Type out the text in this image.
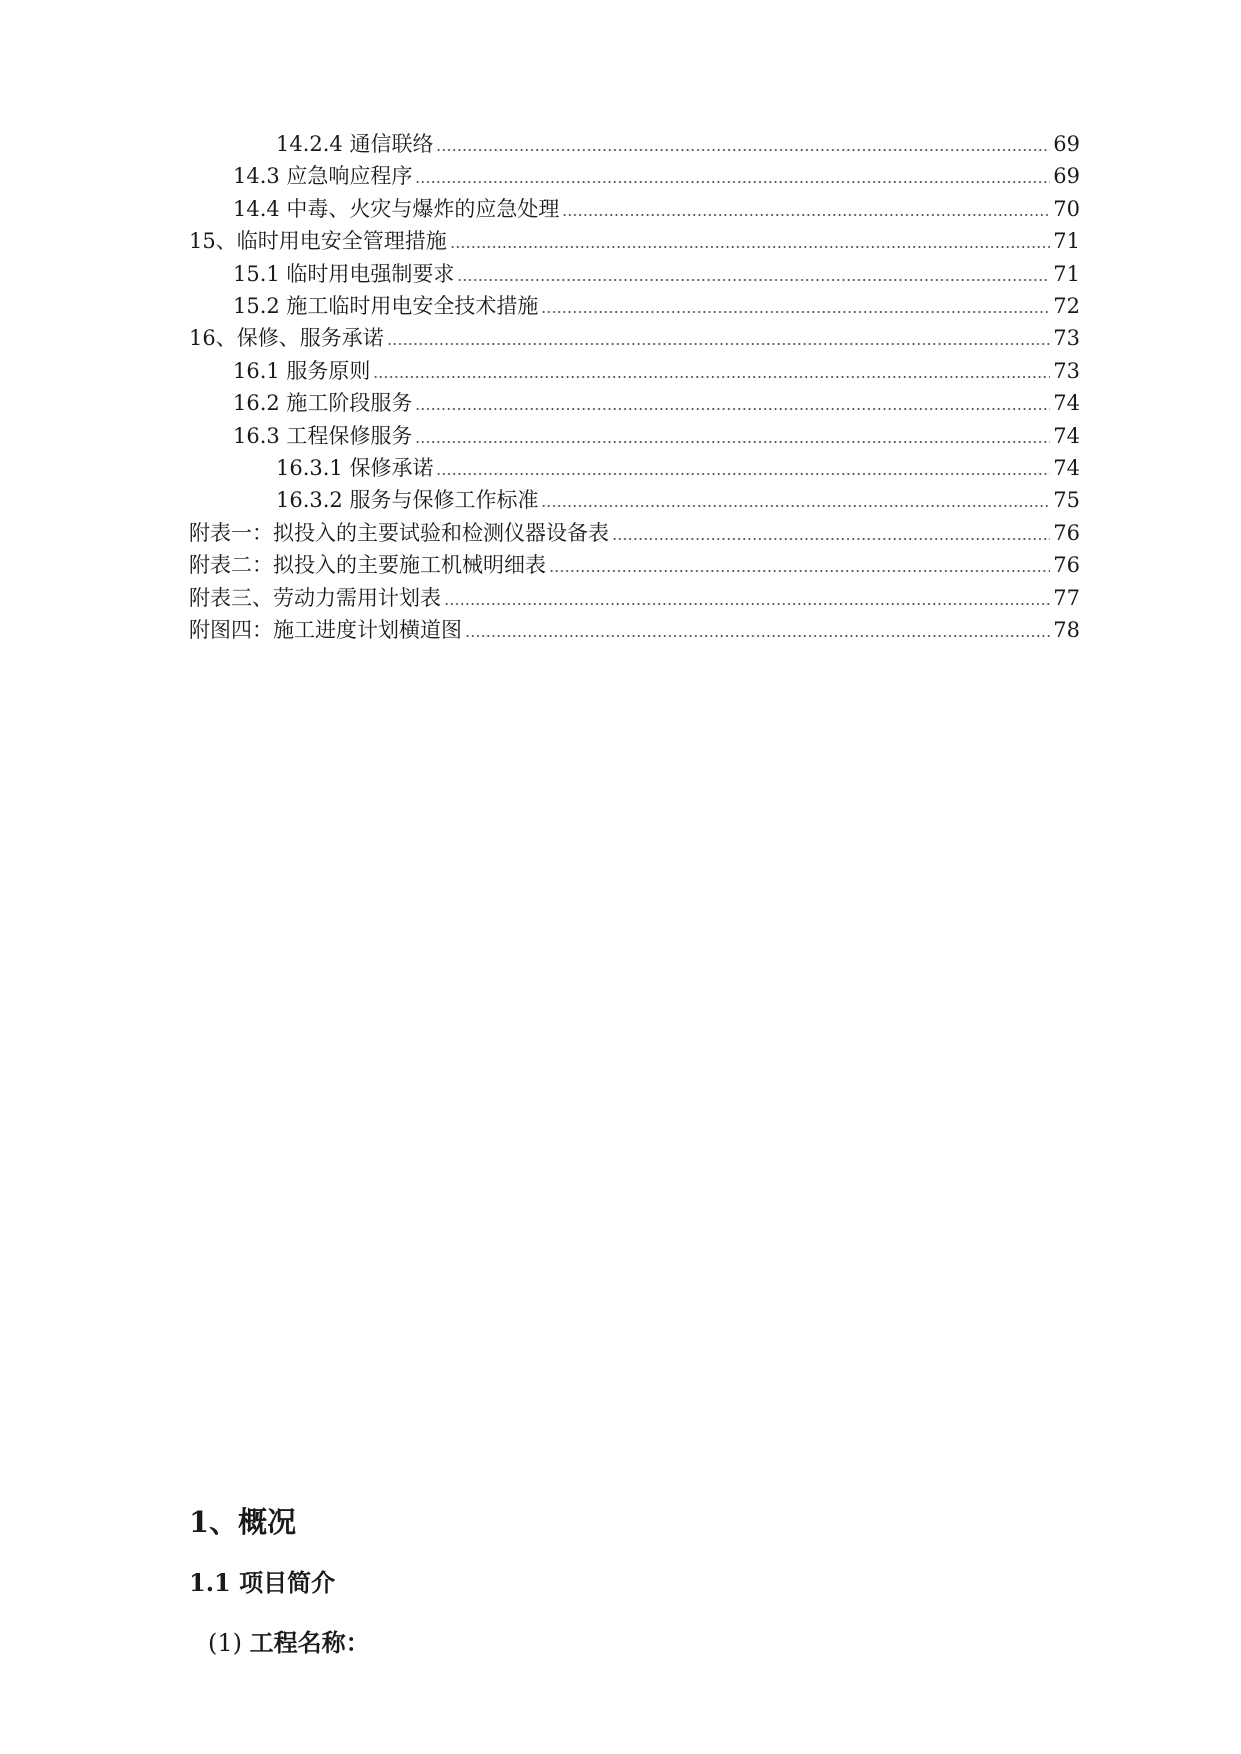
14.2.4 通信联络	69
14.3 应急响应程序	69
14.4 中毒、火灾与爆炸的应急处理	70
15、临时用电安全管理措施	71
15.1 临时用电强制要求	71
15.2 施工临时用电安全技术措施	72
16、保修、服务承诺	73
16.1 服务原则	73
16.2 施工阶段服务	74
16.3 工程保修服务	74
16.3.1 保修承诺	74
16.3.2 服务与保修工作标准	75
附表一：拟投入的主要试验和检测仪器设备表	76
附表二：拟投入的主要施工机械明细表	76
附表三、劳动力需用计划表	77
附图四：施工进度计划横道图	78
1、概况
1.1 项目简介
(1) 工程名称：
